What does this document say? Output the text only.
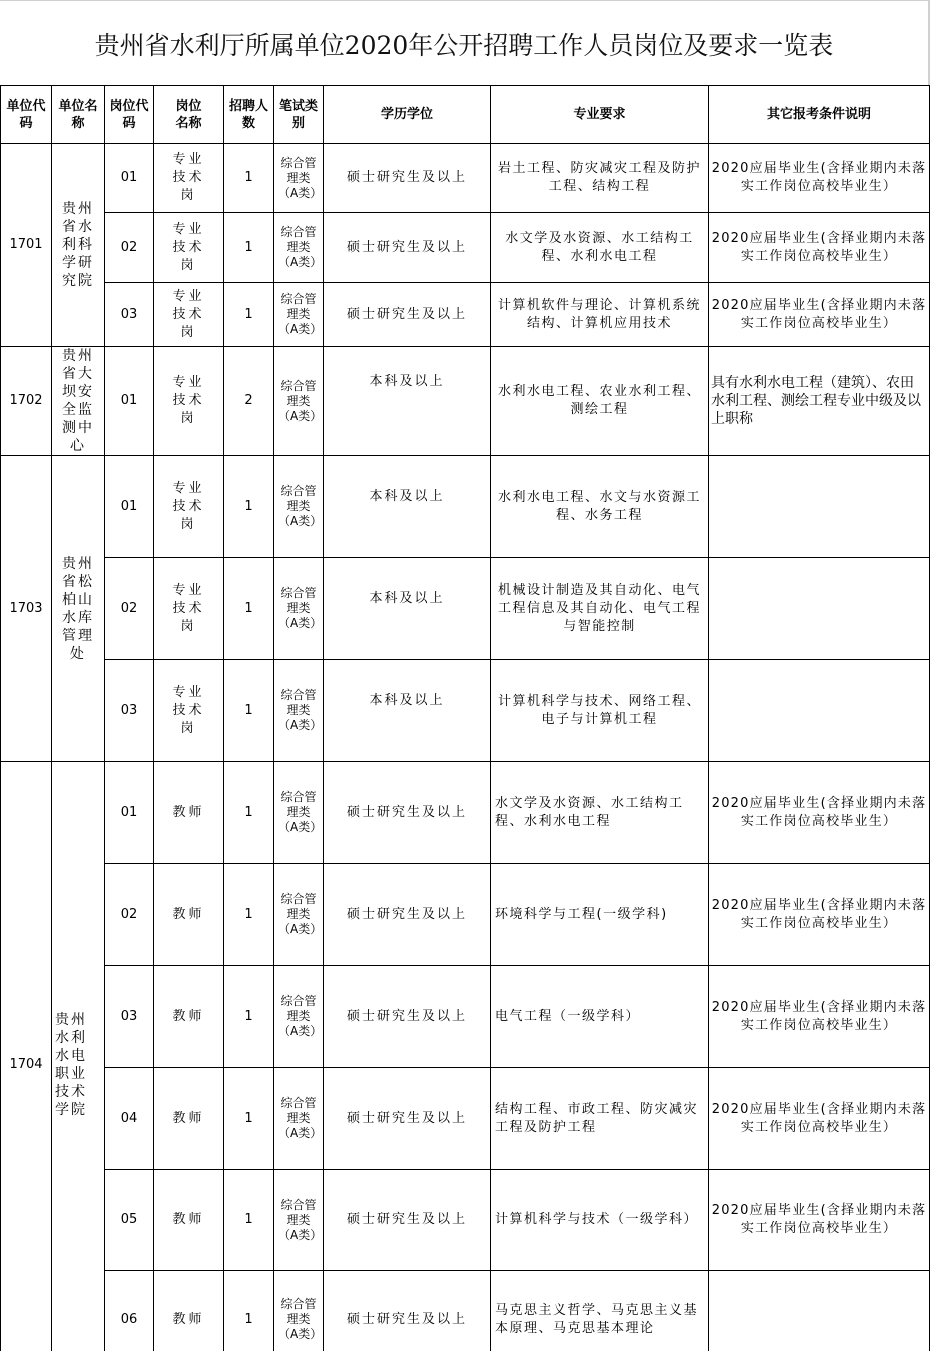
贵州省水利厅所属单位2020年公开招聘工作人员岗位及要求一览表
单位代码	单位名称	岗位代码	岗位名称	招聘人数	笔试类别	学历学位	专业要求	其它报考条件说明
1701	贵州省水利科学研究院	01	专业技术岗	1	综合管理类（A类）	硕士研究生及以上	岩土工程、防灾减灾工程及防护工程、结构工程	2020应届毕业生(含择业期内未落实工作岗位高校毕业生）
		02	专业技术岗	1	综合管理类（A类）	硕士研究生及以上	水文学及水资源、水工结构工程、水利水电工程	2020应届毕业生(含择业期内未落实工作岗位高校毕业生）
		03	专业技术岗	1	综合管理类（A类）	硕士研究生及以上	计算机软件与理论、计算机系统结构、计算机应用技术	2020应届毕业生(含择业期内未落实工作岗位高校毕业生）
1702	贵州省大坝安全监测中心	01	专业技术岗	2	综合管理类（A类）	本科及以上	水利水电工程、农业水利工程、测绘工程	具有水利水电工程（建筑）、农田水利工程、测绘工程专业中级及以上职称
1703	贵州省松柏山水库管理处	01	专业技术岗	1	综合管理类（A类）	本科及以上	水利水电工程、水文与水资源工程、水务工程	
		02	专业技术岗	1	综合管理类（A类）	本科及以上	机械设计制造及其自动化、电气工程信息及其自动化、电气工程与智能控制	
		03	专业技术岗	1	综合管理类（A类）	本科及以上	计算机科学与技术、网络工程、电子与计算机工程	
1704	贵州水利水电职业技术学院	01	教师	1	综合管理类（A类）	硕士研究生及以上	水文学及水资源、水工结构工程、水利水电工程	2020应届毕业生(含择业期内未落实工作岗位高校毕业生）
		02	教师	1	综合管理类（A类）	硕士研究生及以上	环境科学与工程(一级学科)	2020应届毕业生(含择业期内未落实工作岗位高校毕业生）
		03	教师	1	综合管理类（A类）	硕士研究生及以上	电气工程（一级学科）	2020应届毕业生(含择业期内未落实工作岗位高校毕业生）
		04	教师	1	综合管理类（A类）	硕士研究生及以上	结构工程、市政工程、防灾减灾工程及防护工程	2020应届毕业生(含择业期内未落实工作岗位高校毕业生）
		05	教师	1	综合管理类（A类）	硕士研究生及以上	计算机科学与技术（一级学科）	2020应届毕业生(含择业期内未落实工作岗位高校毕业生）
		06	教师	1	综合管理类（A类）	硕士研究生及以上	马克思主义哲学、马克思主义基本原理、马克思基本理论	
